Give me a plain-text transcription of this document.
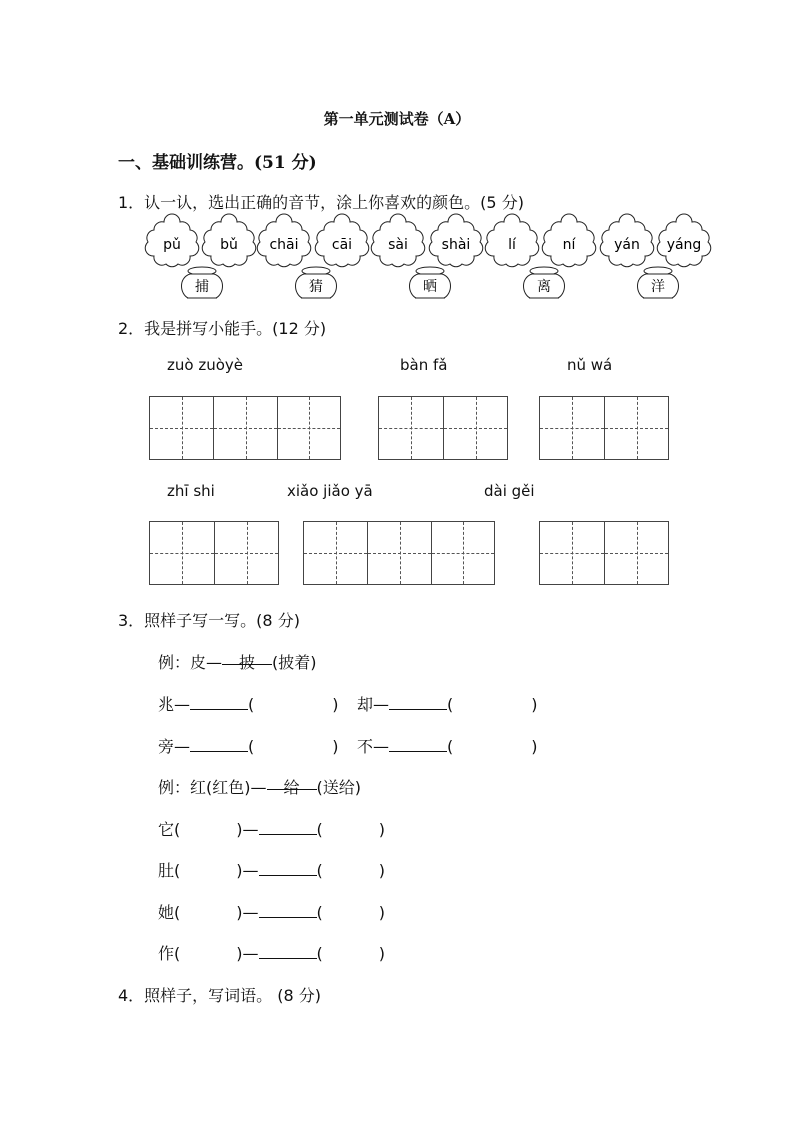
第一单元测试卷（A）
一、基础训练营。(51 分)
1．认一认，选出正确的音节，涂上你喜欢的颜色。(5 分)
pǔ	bǔ chāi cāi	sài shài	lí	ní	yán yáng
捕	猜	晒	离	洋
2．我是拼写小能手。(12 分)
zuò zuòyè	bàn fǎ	nǔ wá
zhī shi	xiǎo jiǎo yā	dài gěi
3．照样子写一写。(8 分)
例：皮— 披 (披着)
兆—	(	) 却—	(	)
旁—	(	) 不—	(	)
例：红(红色)— 给 (送给)
它(	)—	(	)
肚(	)—	(	)
她(	)—	(	)
作(	)—	(	)
4．照样子，写词语。 (8 分)
